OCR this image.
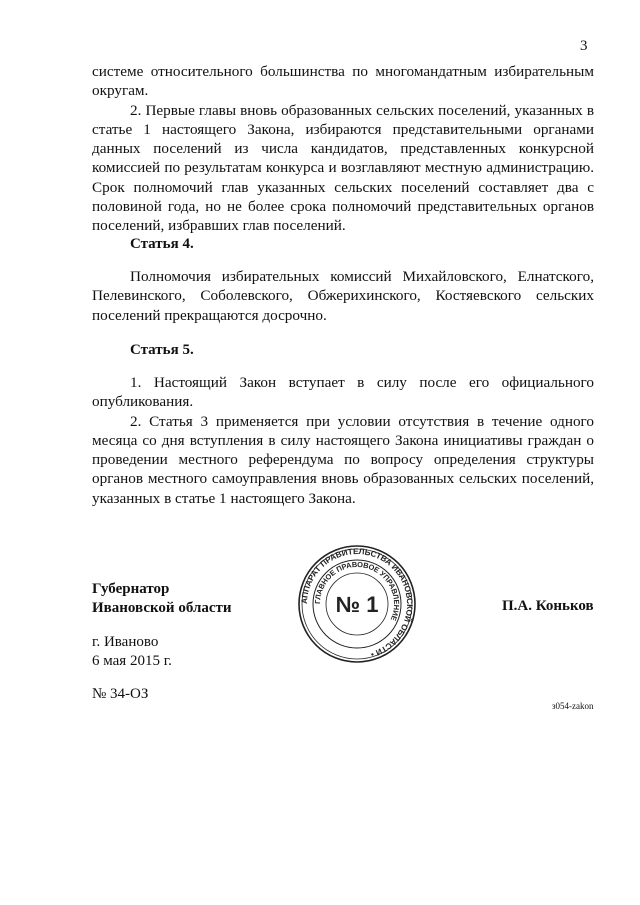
3

системе относительного большинства по многомандатным избирательным округам.

2. Первые главы вновь образованных сельских поселений, указанных в статье 1 настоящего Закона, избираются представительными органами данных поселений из числа кандидатов, представленных конкурсной комиссией по результатам конкурса и возглавляют местную администрацию. Срок полномочий глав указанных сельских поселений составляет два с половиной года, но не более срока полномочий представительных органов поселений, избравших глав поселений.

Статья 4.

Полномочия избирательных комиссий Михайловского, Елнатского, Пелевинского, Соболевского, Обжерихинского, Костяевского сельских поселений прекращаются досрочно.

Статья 5.

1. Настоящий Закон вступает в силу после его официального опубликования.

2. Статья 3 применяется при условии отсутствия в течение одного месяца со дня вступления в силу настоящего Закона инициативы граждан о проведении местного референдума по вопросу определения структуры органов местного самоуправления вновь образованных сельских поселений, указанных в статье 1 настоящего Закона.

Губернатор
Ивановской области	АППАРАТ ПРАВИТЕЛЬСТВА ИВАНОВСКОЙ ОБЛАСТИ •
ГЛАВНОЕ ПРАВОВОЕ УПРАВЛЕНИЕ
№ 1	П.А. Коньков
г. Иваново
6 мая 2015 г.
№ 34-ОЗ
з054-zakon
